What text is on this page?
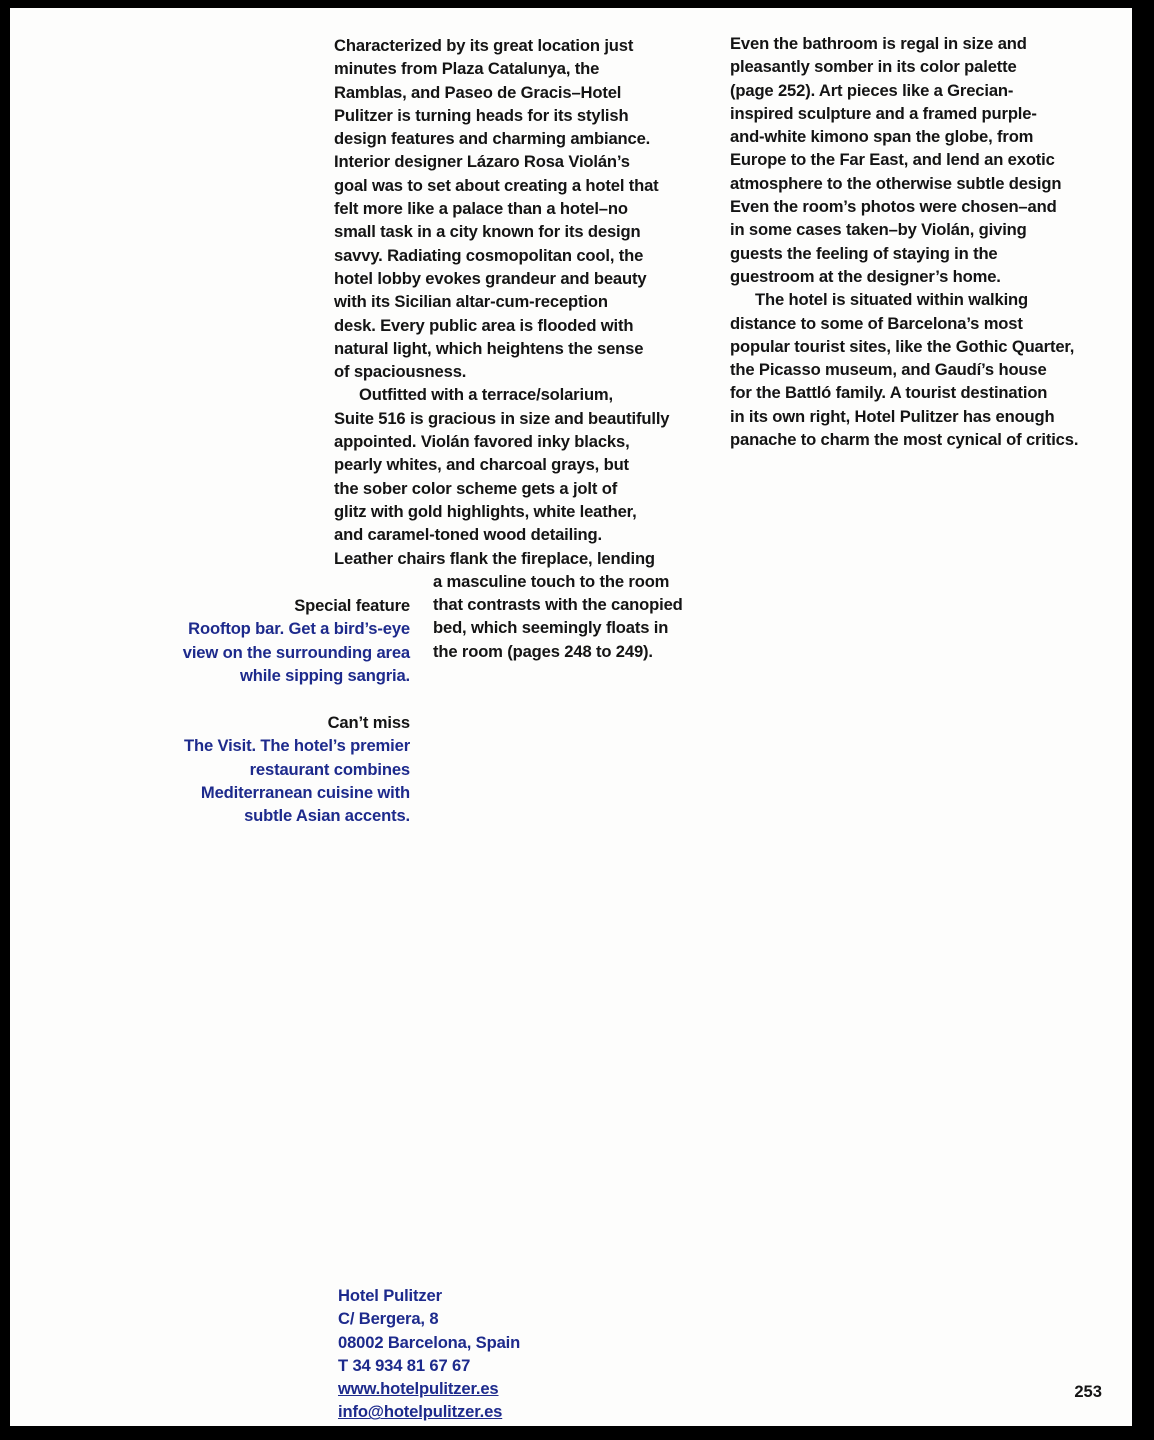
Characterized by its great location just

minutes from Plaza Catalunya, the

Ramblas, and Paseo de Gracis–Hotel

Pulitzer is turning heads for its stylish

design features and charming ambiance.

Interior designer Lázaro Rosa Violán’s

goal was to set about creating a hotel that

felt more like a palace than a hotel–no

small task in a city known for its design

savvy. Radiating cosmopolitan cool, the

hotel lobby evokes grandeur and beauty

with its Sicilian altar-cum-reception

desk. Every public area is flooded with

natural light, which heightens the sense

of spaciousness.

Outfitted with a terrace/solarium,

Suite 516 is gracious in size and beautifully

appointed. Violán favored inky blacks,

pearly whites, and charcoal grays, but

the sober color scheme gets a jolt of

glitz with gold highlights, white leather,

and caramel-toned wood detailing.

Leather chairs flank the fireplace, lending

a masculine touch to the room

that contrasts with the canopied

bed, which seemingly floats in

the room (pages 248 to 249).

Even the bathroom is regal in size and

pleasantly somber in its color palette

(page 252). Art pieces like a Grecian-

inspired sculpture and a framed purple-

and-white kimono span the globe, from

Europe to the Far East, and lend an exotic

atmosphere to the otherwise subtle design

Even the room’s photos were chosen–and

in some cases taken–by Violán, giving

guests the feeling of staying in the

guestroom at the designer’s home.

The hotel is situated within walking

distance to some of Barcelona’s most

popular tourist sites, like the Gothic Quarter,

the Picasso museum, and Gaudí’s house

for the Battló family. A tourist destination

in its own right, Hotel Pulitzer has enough

panache to charm the most cynical of critics.

Special feature
Rooftop bar. Get a bird’s-eye
view on the surrounding area
while sipping sangria.
Can’t miss
The Visit. The hotel’s premier
restaurant combines
Mediterranean cuisine with
subtle Asian accents.
Hotel Pulitzer
C/ Bergera, 8
08002 Barcelona, Spain
T 34 934 81 67 67
www.hotelpulitzer.es
info@hotelpulitzer.es
253
